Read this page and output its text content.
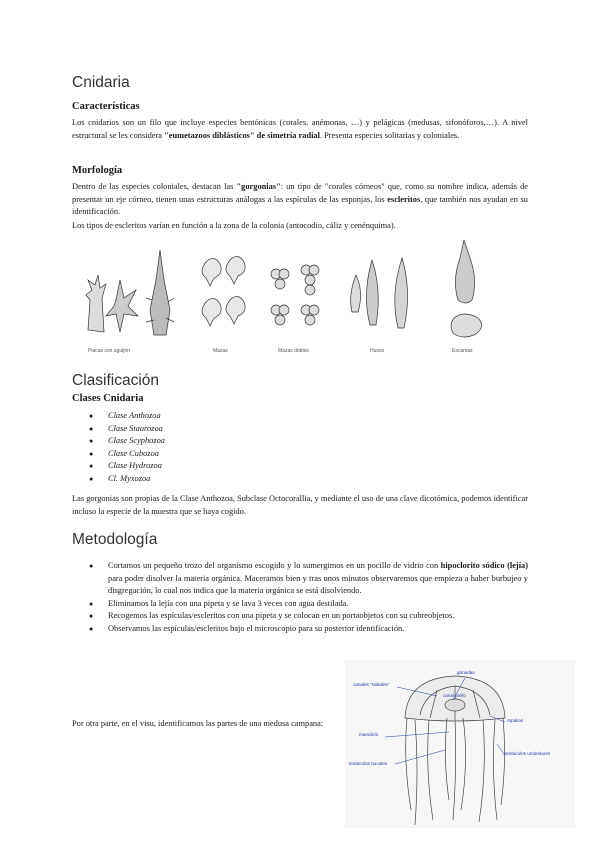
Cnidaria
Características
Los cnidarios son un filo que incluye especies bentónicas (corales, anémonas, …) y pelágicas (medusas, sifonóforos,…). A nivel estructural se les considera "eumetazoos diblásticos" de simetría radial. Presenta especies solitarias y coloniales.
Morfología
Dentro de las especies coloniales, destacan las "gorgonias": un tipo de "corales córneos" que, como su nombre indica, además de presentar un eje córneo, tienen unas estructuras análogas a las espículas de las esponjas, los escleritos, que también nos ayudan en su identificación.
Los tipos de escleritos varían en función a la zona de la colonia (antocodio, cáliz y cenénquima).
Placas con aguijón	Mazas	Mazas dobles	Husos	Escamas
Clasificación
Clases Cnidaria
● Clase Anthozoa
● Clase Staurozoa
● Clase Scyphozoa
● Clase Cubozoa
● Clase Hydrozoa
● Cl. Myxozoa
Las gorgonias son propias de la Clase Anthozoa, Subclase Octocorallia, y mediante el uso de una clave dicotómica, podemos identificar incluso la especie de la muestra que se haya cogido.
Metodología
● Cortamos un pequeño trozo del organismo escogido y lo sumergimos en un pocillo de vidrio con hipoclorito sódico (lejía) para poder disolver la materia orgánica. Maceramos bien y tras unos minutos observaremos que empieza a haber burbujeo y disgregación, lo cual nos indica que la materia orgánica se está disolviendo.
● Eliminamos la lejía con una pipeta y se lava 3 veces con agua destilada.
● Recogemos las espículas/escleritos con una pipeta y se colocan en un portaobjetos con su cubreobjetos.
● Observamos las espículas/escleritos bajo el microscopio para su posterior identificación.
Por otra parte, en el visu, identificamos las partes de una medusa campana:
canales "radiales"
gónadas
canal anillo
ropalias
manubrio
tentáculos bucales
tentáculos umbrelares
